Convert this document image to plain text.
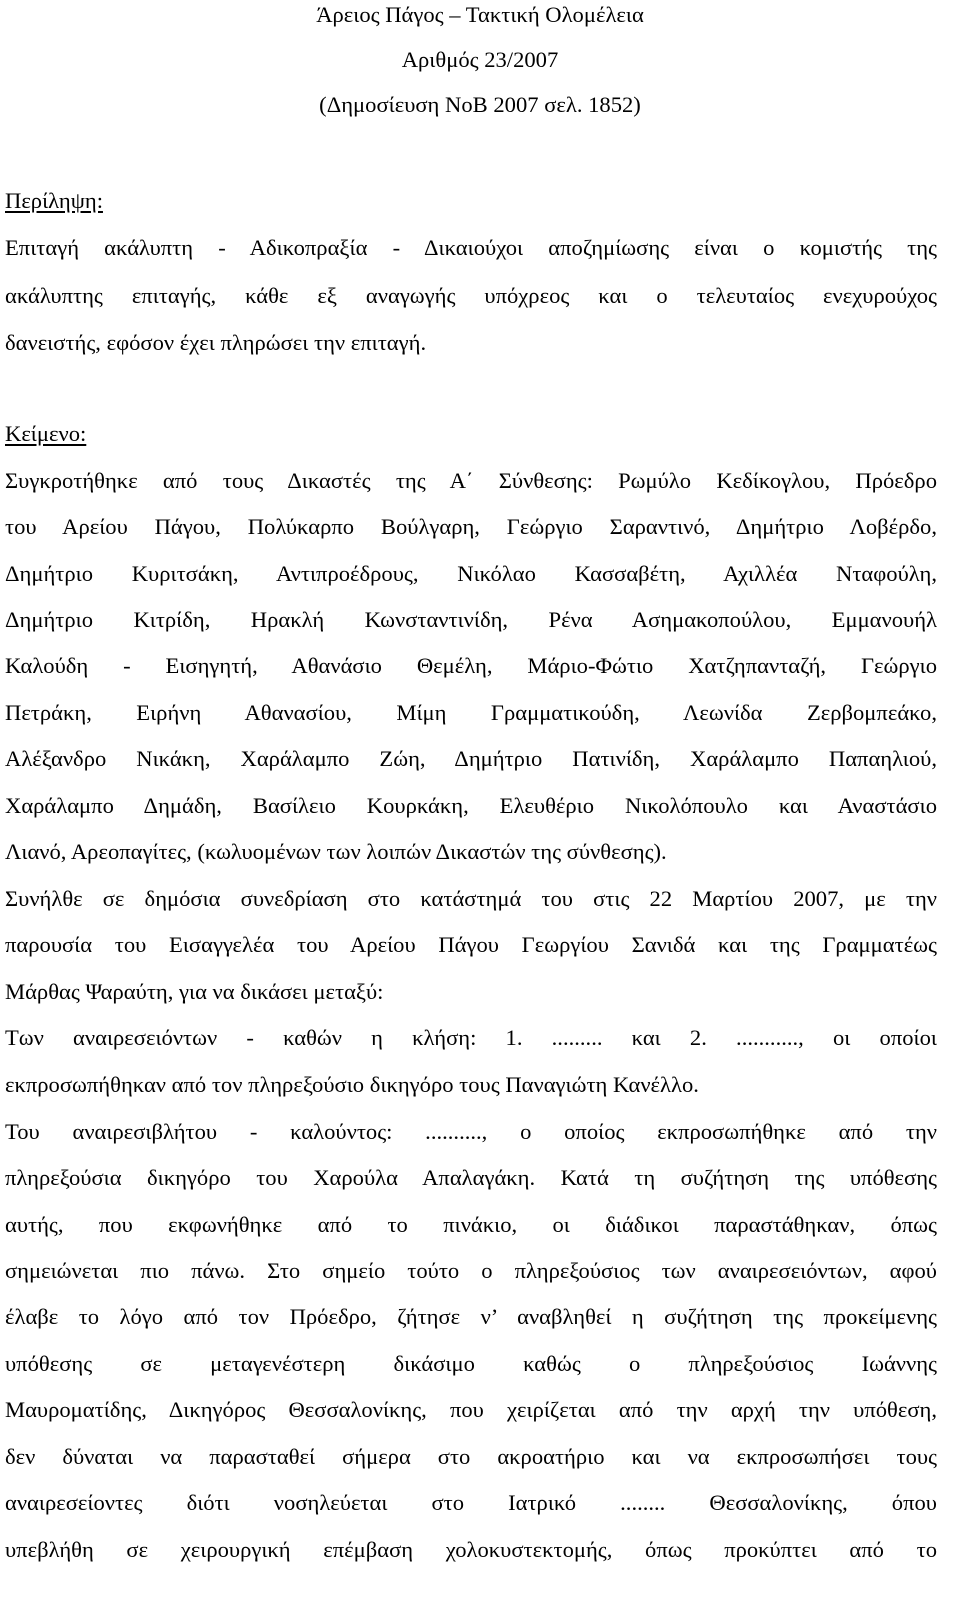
Άρειος Πάγος – Τακτική Ολομέλεια
Αριθμός 23/2007
(Δημοσίευση ΝοΒ 2007 σελ. 1852)
Περίληψη:
Επιταγή ακάλυπτη - Αδικοπραξία - Δικαιούχοι αποζημίωσης είναι ο κομιστής της
ακάλυπτης επιταγής, κάθε εξ αναγωγής υπόχρεος και ο τελευταίος ενεχυρούχος
δανειστής, εφόσον έχει πληρώσει την επιταγή.
Κείμενο:
Συγκροτήθηκε από τους Δικαστές της Α΄ Σύνθεσης: Ρωμύλο Κεδίκογλου, Πρόεδρο
του Αρείου Πάγου, Πολύκαρπο Βούλγαρη, Γεώργιο Σαραντινό, Δημήτριο Λοβέρδο,
Δημήτριο Κυριτσάκη, Αντιπροέδρους, Νικόλαο Κασσαβέτη, Αχιλλέα Νταφούλη,
Δημήτριο Κιτρίδη, Ηρακλή Κωνσταντινίδη, Ρένα Ασημακοπούλου, Εμμανουήλ
Καλούδη - Εισηγητή, Αθανάσιο Θεμέλη, Μάριο-Φώτιο Χατζηπανταζή, Γεώργιο
Πετράκη, Ειρήνη Αθανασίου, Μίμη Γραμματικούδη, Λεωνίδα Ζερβομπεάκο,
Αλέξανδρο Νικάκη, Χαράλαμπο Ζώη, Δημήτριο Πατινίδη, Χαράλαμπο Παπαηλιού,
Χαράλαμπο Δημάδη, Βασίλειο Κουρκάκη, Ελευθέριο Νικολόπουλο και Αναστάσιο
Λιανό, Αρεοπαγίτες, (κωλυομένων των λοιπών Δικαστών της σύνθεσης).
Συνήλθε σε δημόσια συνεδρίαση στο κατάστημά του στις 22 Μαρτίου 2007, με την
παρουσία του Εισαγγελέα του Αρείου Πάγου Γεωργίου Σανιδά και της Γραμματέως
Μάρθας Ψαραύτη, για να δικάσει μεταξύ:
Των αναιρεσειόντων - καθών η κλήση: 1. ......... και 2. ..........., οι οποίοι
εκπροσωπήθηκαν από τον πληρεξούσιο δικηγόρο τους Παναγιώτη Κανέλλο.
Του αναιρεσιβλήτου - καλούντος: .........., ο οποίος εκπροσωπήθηκε από την
πληρεξούσια δικηγόρο του Χαρούλα Απαλαγάκη. Κατά τη συζήτηση της υπόθεσης
αυτής, που εκφωνήθηκε από το πινάκιο, οι διάδικοι παραστάθηκαν, όπως
σημειώνεται πιο πάνω. Στο σημείο τούτο ο πληρεξούσιος των αναιρεσειόντων, αφού
έλαβε το λόγο από τον Πρόεδρο, ζήτησε ν’ αναβληθεί η συζήτηση της προκείμενης
υπόθεσης σε μεταγενέστερη δικάσιμο καθώς ο πληρεξούσιος Ιωάννης
Μαυροματίδης, Δικηγόρος Θεσσαλονίκης, που χειρίζεται από την αρχή την υπόθεση,
δεν δύναται να παρασταθεί σήμερα στο ακροατήριο και να εκπροσωπήσει τους
αναιρεσείοντες διότι νοσηλεύεται στο Ιατρικό ........ Θεσσαλονίκης, όπου
υπεβλήθη σε χειρουργική επέμβαση χολοκυστεκτομής, όπως προκύπτει από το
